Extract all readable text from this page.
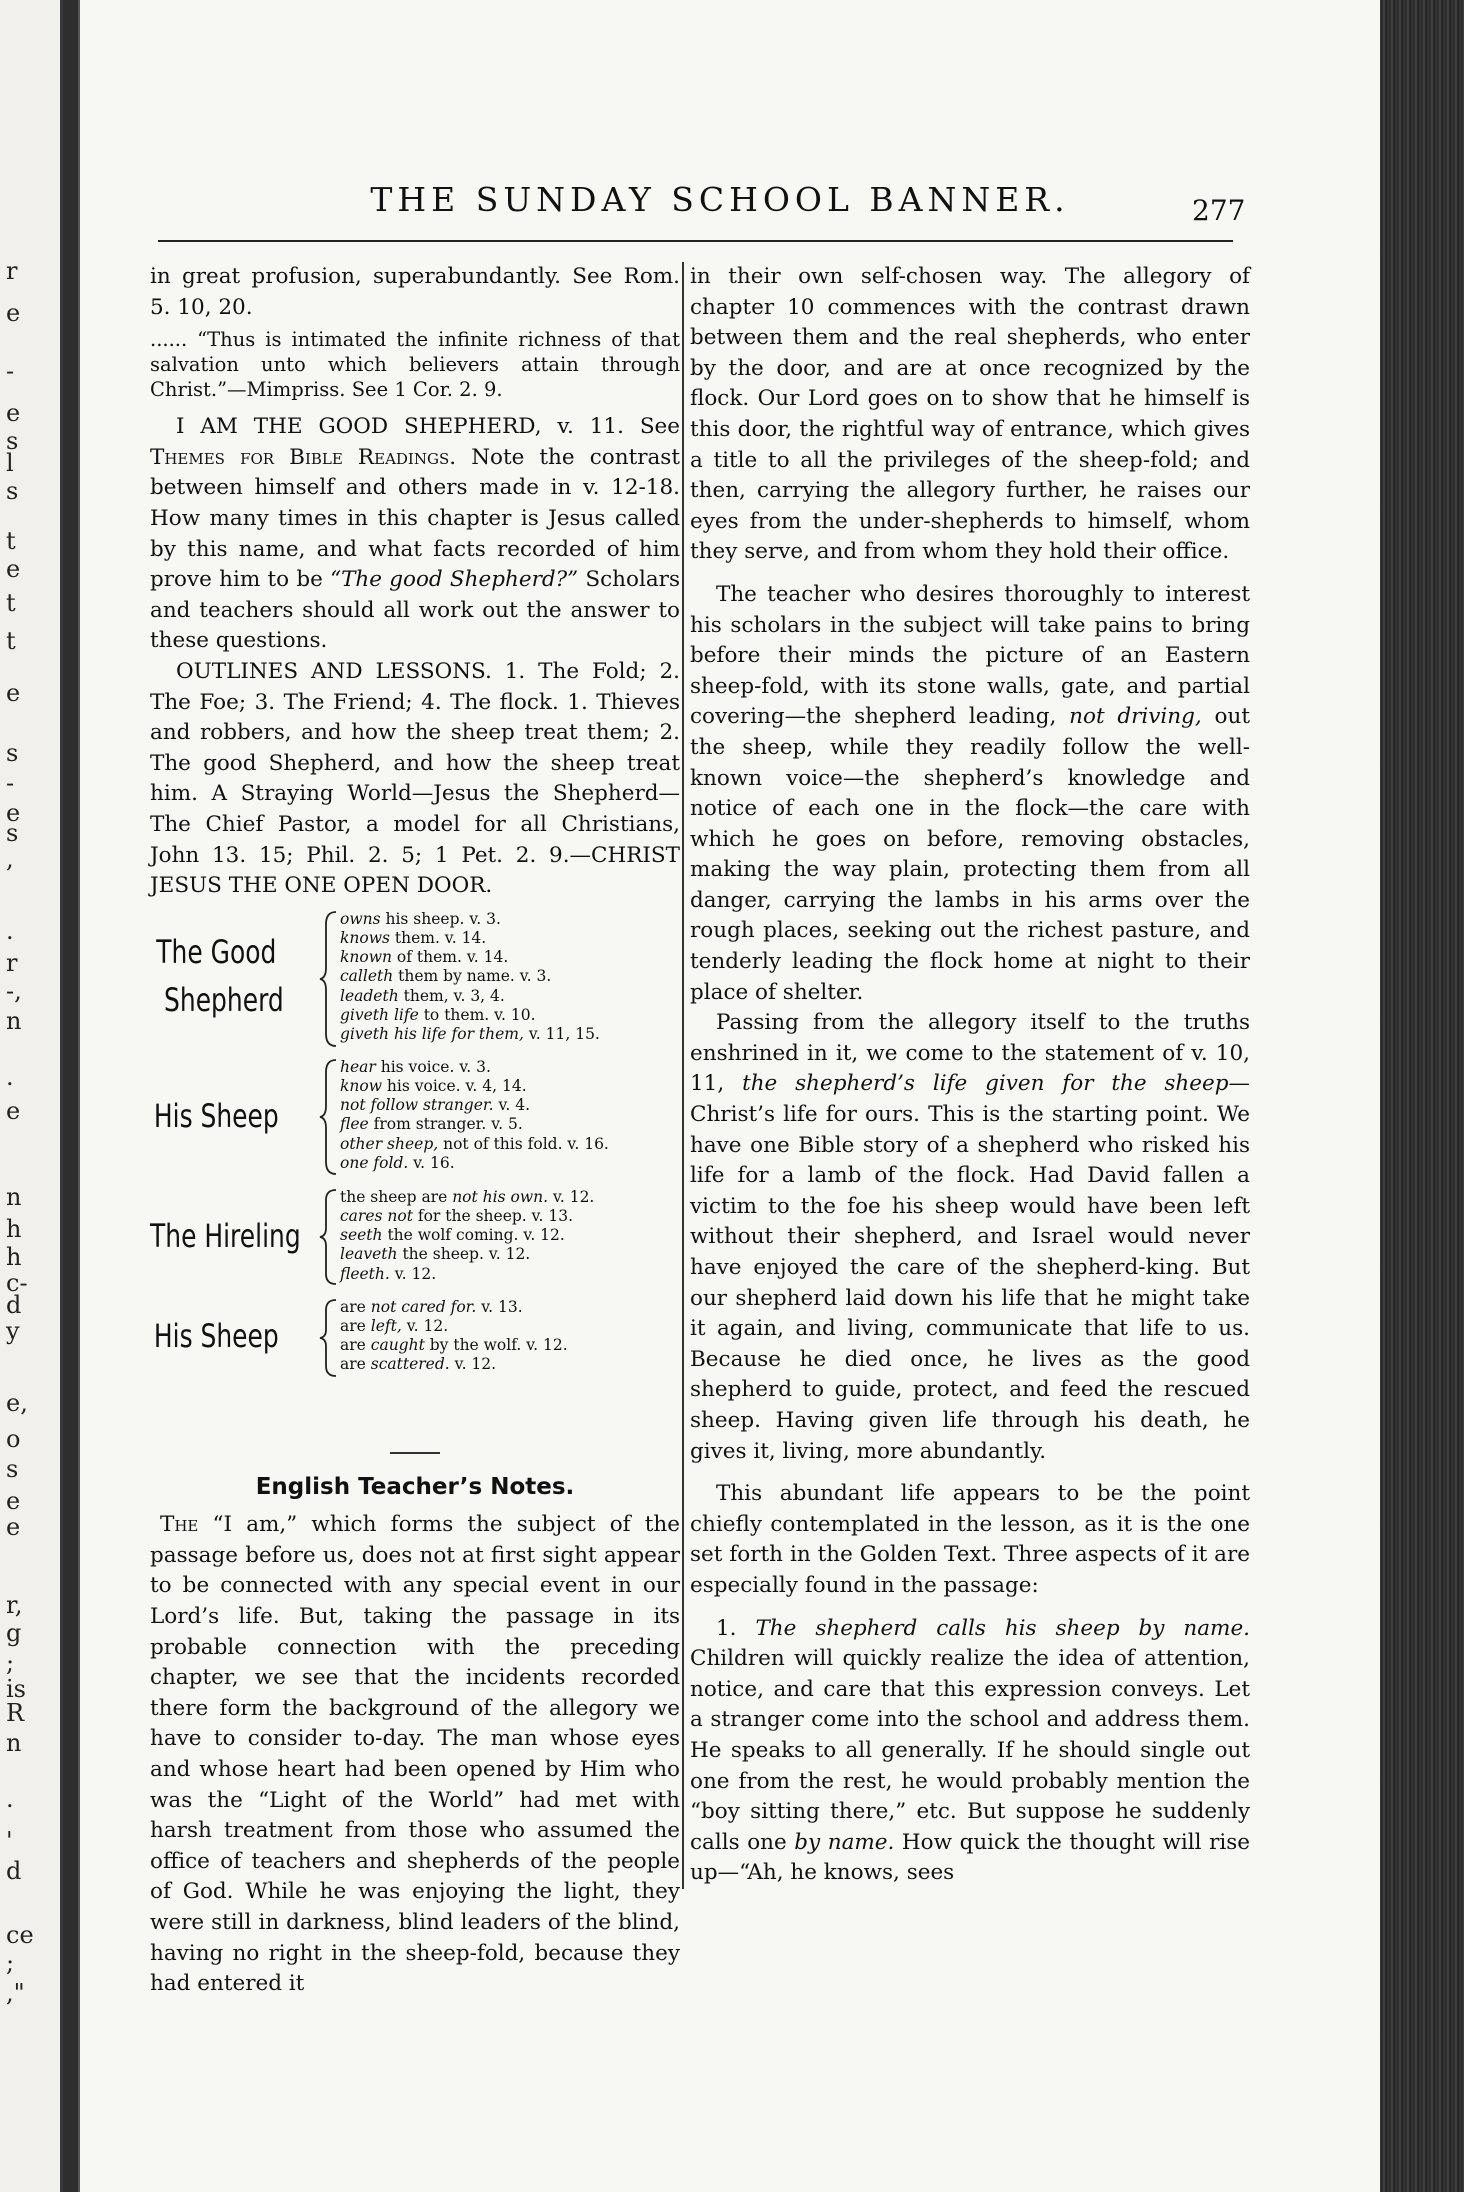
r
e
-
e
s
l
s
t
e
t
t
e
s
-
e
s
,
.
r
-,
n
.
e
n
h
h
c-
d
y
e,
o
s
e
e
r,
g
;
is
R
n
.
'
d
ce
;
,"
THE SUNDAY SCHOOL BANNER.	277

in great profusion, superabundantly. See Rom. 5. 10, 20.

...... “Thus is intimated the infinite richness of that salvation unto which believers attain through Christ.”—Mimpriss. See 1 Cor. 2. 9.

I AM THE GOOD SHEPHERD, v. 11. See Themes for Bible Readings. Note the contrast between himself and others made in v. 12-18. How many times in this chapter is Jesus called by this name, and what facts recorded of him prove him to be “The good Shepherd?” Scholars and teachers should all work out the answer to these questions.

OUTLINES AND LESSONS. 1. The Fold; 2. The Foe; 3. The Friend; 4. The flock. 1. Thieves and robbers, and how the sheep treat them; 2. The good Shepherd, and how the sheep treat him. A Straying World—Jesus the Shepherd—The Chief Pastor, a model for all Christians, John 13. 15; Phil. 2. 5; 1 Pet. 2. 9.—CHRIST JESUS THE ONE OPEN DOOR.

The Good
Shepherd
owns his sheep. v. 3.
knows them. v. 14.
known of them. v. 14.
calleth them by name. v. 3.
leadeth them, v. 3, 4.
giveth life to them. v. 10.
giveth his life for them, v. 11, 15.
His Sheep
hear his voice. v. 3.
know his voice. v. 4, 14.
not follow stranger. v. 4.
flee from stranger. v. 5.
other sheep, not of this fold. v. 16.
one fold. v. 16.
The Hireling
the sheep are not his own. v. 12.
cares not for the sheep. v. 13.
seeth the wolf coming. v. 12.
leaveth the sheep. v. 12.
fleeth. v. 12.
His Sheep
are not cared for. v. 13.
are left, v. 12.
are caught by the wolf. v. 12.
are scattered. v. 12.
English Teacher’s Notes.

The “I am,” which forms the subject of the passage before us, does not at first sight appear to be connected with any special event in our Lord’s life. But, taking the passage in its probable connection with the preceding chapter, we see that the incidents recorded there form the background of the allegory we have to consider to-day. The man whose eyes and whose heart had been opened by Him who was the “Light of the World” had met with harsh treatment from those who assumed the office of teachers and shepherds of the people of God. While he was enjoying the light, they were still in darkness, blind leaders of the blind, having no right in the sheep-fold, because they had entered it

in their own self-chosen way. The allegory of chapter 10 commences with the contrast drawn between them and the real shepherds, who enter by the door, and are at once recognized by the flock. Our Lord goes on to show that he himself is this door, the rightful way of entrance, which gives a title to all the privileges of the sheep-fold; and then, carrying the allegory further, he raises our eyes from the under-shepherds to himself, whom they serve, and from whom they hold their office.

The teacher who desires thoroughly to interest his scholars in the subject will take pains to bring before their minds the picture of an Eastern sheep-fold, with its stone walls, gate, and partial covering—the shepherd leading, not driving, out the sheep, while they readily follow the well-known voice—the shepherd’s knowledge and notice of each one in the flock—the care with which he goes on before, removing obstacles, making the way plain, protecting them from all danger, carrying the lambs in his arms over the rough places, seeking out the richest pasture, and tenderly leading the flock home at night to their place of shelter.

Passing from the allegory itself to the truths enshrined in it, we come to the statement of v. 10, 11, the shepherd’s life given for the sheep— Christ’s life for ours. This is the starting point. We have one Bible story of a shepherd who risked his life for a lamb of the flock. Had David fallen a victim to the foe his sheep would have been left without their shepherd, and Israel would never have enjoyed the care of the shepherd-king. But our shepherd laid down his life that he might take it again, and living, communicate that life to us. Because he died once, he lives as the good shepherd to guide, protect, and feed the rescued sheep. Having given life through his death, he gives it, living, more abundantly.

This abundant life appears to be the point chiefly contemplated in the lesson, as it is the one set forth in the Golden Text. Three aspects of it are especially found in the passage:

1. The shepherd calls his sheep by name. Children will quickly realize the idea of attention, notice, and care that this expression conveys. Let a stranger come into the school and address them. He speaks to all generally. If he should single out one from the rest, he would probably mention the “boy sitting there,” etc. But suppose he suddenly calls one by name. How quick the thought will rise up—“Ah, he knows, sees
